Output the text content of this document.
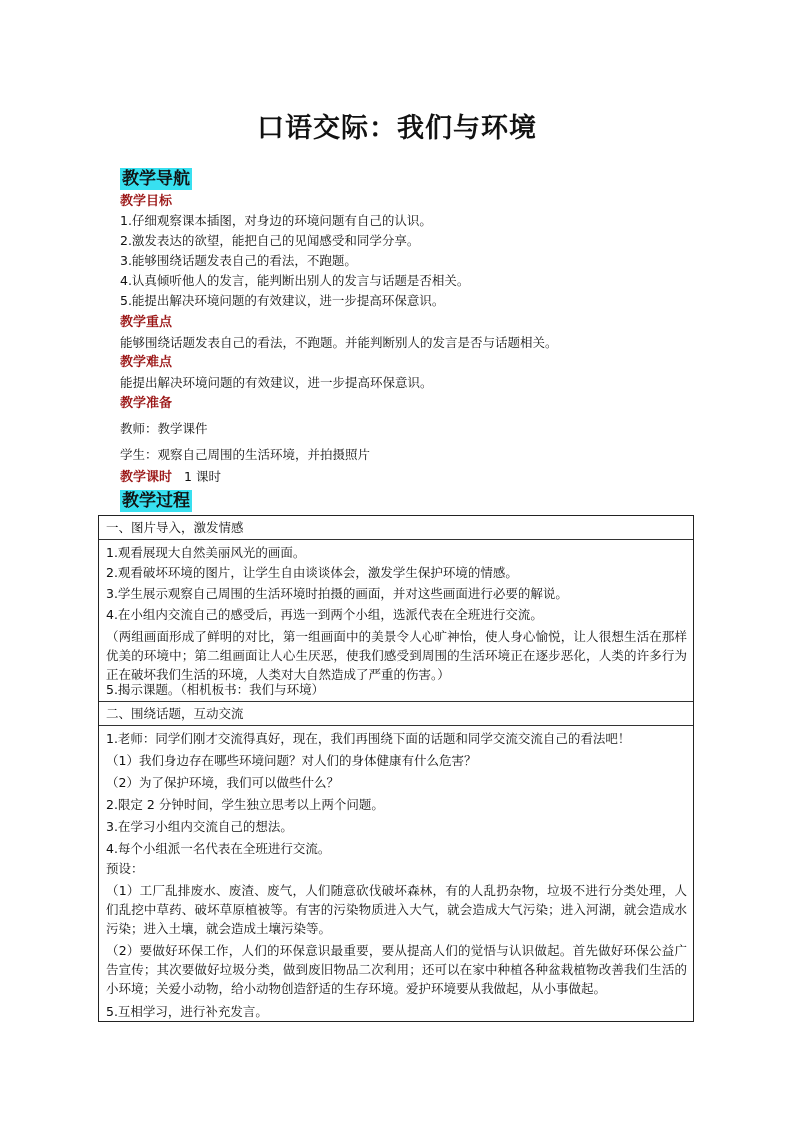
口语交际：我们与环境
教学导航
教学目标
1.仔细观察课本插图，对身边的环境问题有自己的认识。
2.激发表达的欲望，能把自己的见闻感受和同学分享。
3.能够围绕话题发表自己的看法，不跑题。
4.认真倾听他人的发言，能判断出别人的发言与话题是否相关。
5.能提出解决环境问题的有效建议，进一步提高环保意识。
教学重点
能够围绕话题发表自己的看法，不跑题。并能判断别人的发言是否与话题相关。
教学难点
能提出解决环境问题的有效建议，进一步提高环保意识。
教学准备
教师：教学课件
学生：观察自己周围的生活环境，并拍摄照片
教学课时 1 课时
教学过程
一、图片导入，激发情感
1.观看展现大自然美丽风光的画面。
2.观看破坏环境的图片，让学生自由谈谈体会，激发学生保护环境的情感。
3.学生展示观察自己周围的生活环境时拍摄的画面，并对这些画面进行必要的解说。
4.在小组内交流自己的感受后，再选一到两个小组，选派代表在全班进行交流。
（两组画面形成了鲜明的对比，第一组画面中的美景令人心旷神怡，使人身心愉悦，让人很想生活在那样优美的环境中；第二组画面让人心生厌恶，使我们感受到周围的生活环境正在逐步恶化，人类的许多行为正在破坏我们生活的环境，人类对大自然造成了严重的伤害。）
5.揭示课题。（相机板书：我们与环境）
二、围绕话题，互动交流
1.老师：同学们刚才交流得真好，现在，我们再围绕下面的话题和同学交流交流自己的看法吧！
（1）我们身边存在哪些环境问题？对人们的身体健康有什么危害？
（2）为了保护环境，我们可以做些什么？
2.限定 2 分钟时间，学生独立思考以上两个问题。
3.在学习小组内交流自己的想法。
4.每个小组派一名代表在全班进行交流。
预设：
（1）工厂乱排废水、废渣、废气，人们随意砍伐破坏森林，有的人乱扔杂物，垃圾不进行分类处理，人们乱挖中草药、破坏草原植被等。有害的污染物质进入大气，就会造成大气污染；进入河湖，就会造成水污染；进入土壤，就会造成土壤污染等。
（2）要做好环保工作，人们的环保意识最重要，要从提高人们的觉悟与认识做起。首先做好环保公益广告宣传；其次要做好垃圾分类，做到废旧物品二次利用；还可以在家中种植各种盆栽植物改善我们生活的小环境；关爱小动物，给小动物创造舒适的生存环境。爱护环境要从我做起，从小事做起。
5.互相学习，进行补充发言。
